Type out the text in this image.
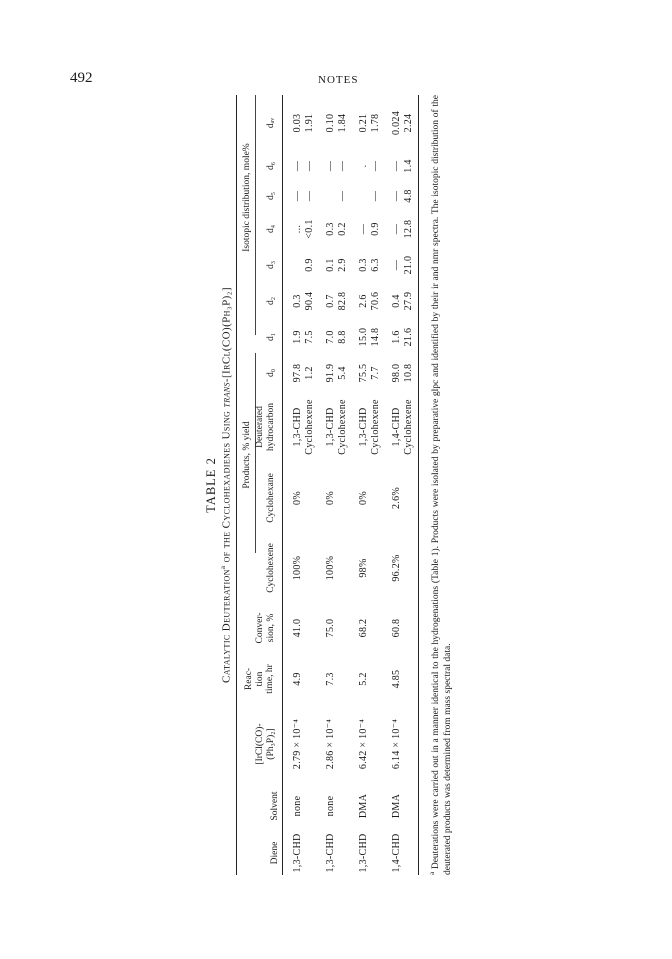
492	NOTES
TABLE 2
Catalytic Deuteration$^a$ of the Cyclohexadienes Using trans-[IrCl(CO)(Ph₃P)₂]
Products, % yield
Isotopic distribution, mole%
Diene
Solvent
[IrCl(CO)-
(Ph₃P)₂]
Reac-
tion
time, hr
Conver-
sion, %
Cyclohexene
Cyclohexane
Deuterated
hydrocarbon
d₀
d₁
d₂
d₃
d₄
d₅
d₆
dₐᵥ
1,3-CHD
none
2.79 × 10⁻⁴
4.9
41.0
100%
0%
1,3-CHD
97.8
1.9
0.3
...
—
—
0.03
Cyclohexene
1.2
7.5
90.4
0.9
<0.1
—
—
1.91
1,3-CHD
none
2.86 × 10⁻⁴
7.3
75.0
100%
0%
1,3-CHD
91.9
7.0
0.7
0.1
0.3
—
0.10
Cyclohexene
5.4
8.8
82.8
2.9
0.2
—
—
1.84
1,3-CHD
DMA
6.42 × 10⁻⁴
5.2
68.2
98%
0%
1,3-CHD
75.5
15.0
2.6
0.3
—
.
0.21
Cyclohexene
7.7
14.8
70.6
6.3
0.9
—
—
1.78
1,4-CHD
DMA
6.14 × 10⁻⁴
4.85
60.8
96.2%
2.6%
1,4-CHD
98.0
1.6
0.4
—
—
—
—
0.024
Cyclohexene
10.8
21.6
27.9
21.0
12.8
4.8
1.4
2.24
$^a$ Deuterations were carried out in a manner identical to the hydrogenations (Table 1). Products were isolated by preparative glpc and identified by their ir and nmr spectra. The isotopic distribution of the deuterated products was determined from mass spectral data.
